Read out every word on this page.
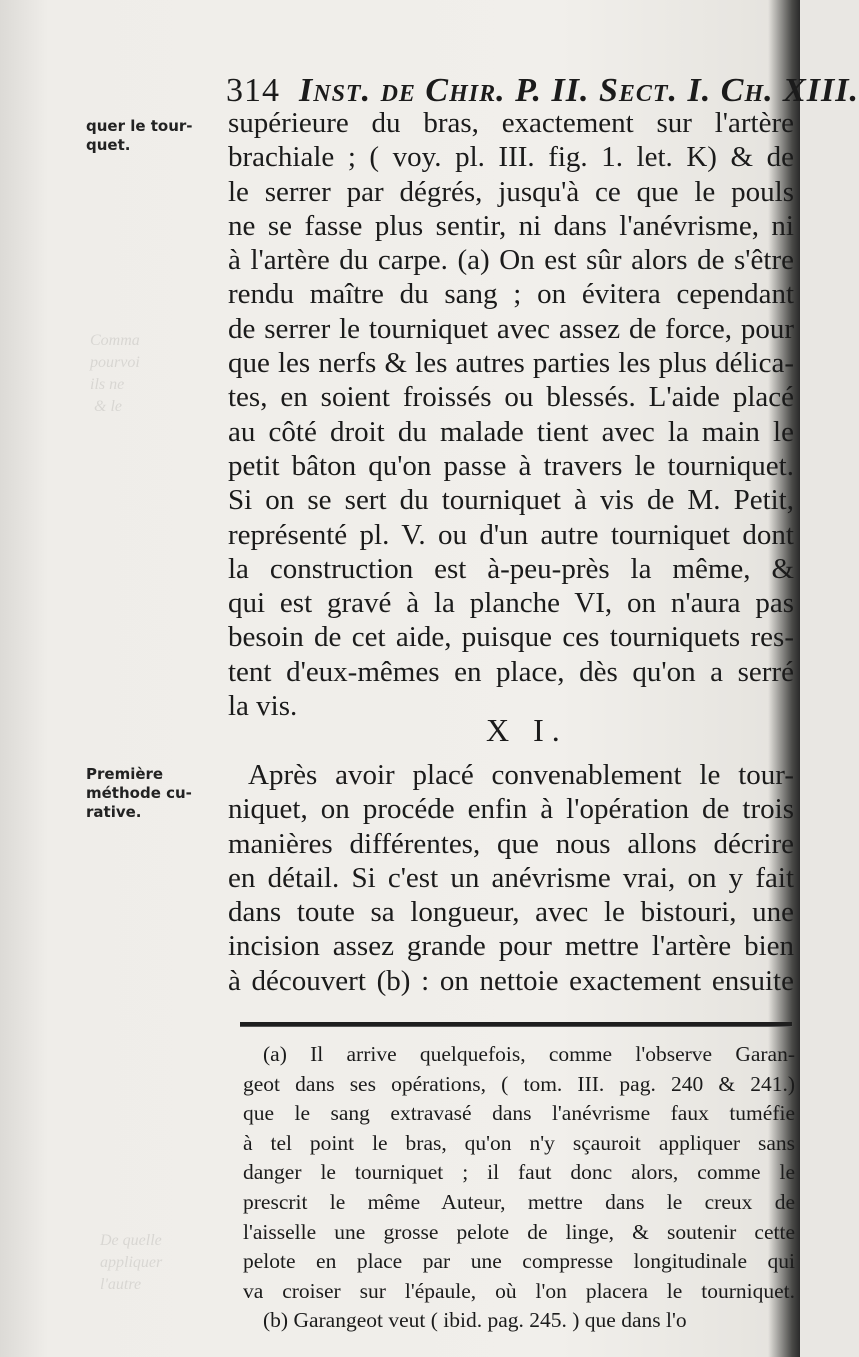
Comma
pourvoi
ils ne
& le
De quelle
appliquer
l'autre
314 Inst. de Chir. P. II. Sect. I. Ch. XIII.
quer le tour-
quet.
Première
méthode cu-
rative.
supérieure du bras, exactement sur l'artère
brachiale ; ( voy. pl. III. fig. 1. let. K) & de
le serrer par dégrés, jusqu'à ce que le pouls
ne se fasse plus sentir, ni dans l'anévrisme, ni
à l'artère du carpe. (a) On est sûr alors de s'être
rendu maître du sang ; on évitera cependant
de serrer le tourniquet avec assez de force, pour
que les nerfs & les autres parties les plus délica-
tes, en soient froissés ou blessés. L'aide placé
au côté droit du malade tient avec la main le
petit bâton qu'on passe à travers le tourniquet.
Si on se sert du tourniquet à vis de M. Petit,
représenté pl. V. ou d'un autre tourniquet dont
la construction est à-peu-près la même, &
qui est gravé à la planche VI, on n'aura pas
besoin de cet aide, puisque ces tourniquets res-
tent d'eux-mêmes en place, dès qu'on a serré
la vis.
X I.
Après avoir placé convenablement le tour-
niquet, on procéde enfin à l'opération de trois
manières différentes, que nous allons décrire
en détail. Si c'est un anévrisme vrai, on y fait
dans toute sa longueur, avec le bistouri, une
incision assez grande pour mettre l'artère bien
à découvert (b) : on nettoie exactement ensuite
(a) Il arrive quelquefois, comme l'observe Garan-
geot dans ses opérations, ( tom. III. pag. 240 & 241.)
que le sang extravasé dans l'anévrisme faux tuméfie
à tel point le bras, qu'on n'y sçauroit appliquer sans
danger le tourniquet ; il faut donc alors, comme le
prescrit le même Auteur, mettre dans le creux de
l'aisselle une grosse pelote de linge, & soutenir cette
pelote en place par une compresse longitudinale qui
va croiser sur l'épaule, où l'on placera le tourniquet.
(b) Garangeot veut ( ibid. pag. 245. ) que dans l'o
